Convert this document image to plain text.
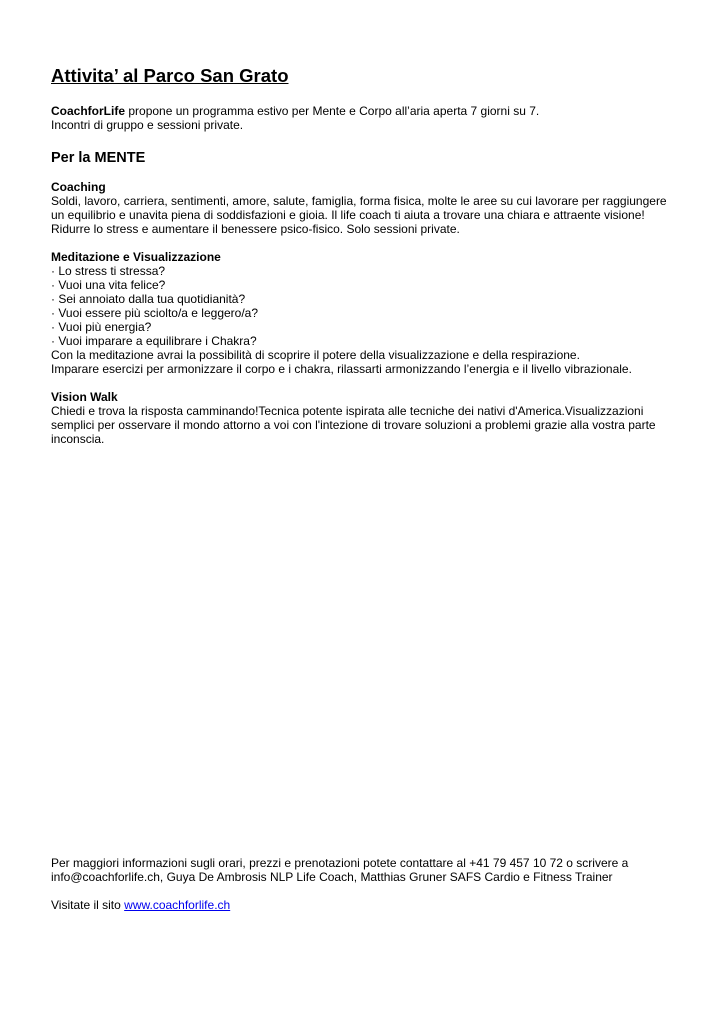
Attivita’ al Parco San Grato
CoachforLife propone un programma estivo per Mente e Corpo all’aria aperta 7 giorni su 7.
Incontri di gruppo e sessioni private.
Per la MENTE
Coaching

Soldi, lavoro, carriera, sentimenti, amore, salute, famiglia, forma fisica, molte le aree su cui lavorare per raggiungere un equilibrio e unavita piena di soddisfazioni e gioia. Il life coach ti aiuta a trovare una chiara e attraente visione! Ridurre lo stress e aumentare il benessere psico-fisico. Solo sessioni private.

Meditazione e Visualizzazione
· Lo stress ti stressa?
· Vuoi una vita felice?
· Sei annoiato dalla tua quotidianità?
· Vuoi essere più sciolto/a e leggero/a?
· Vuoi più energia?
· Vuoi imparare a equilibrare i Chakra?

Con la meditazione avrai la possibilità di scoprire il potere della visualizzazione e della respirazione.

Imparare esercizi per armonizzare il corpo e i chakra, rilassarti armonizzando l’energia e il livello vibrazionale.

Vision Walk

Chiedi e trova la risposta camminando!Tecnica potente ispirata alle tecniche dei nativi d'America.Visualizzazioni semplici per osservare il mondo attorno a voi con l'intezione di trovare soluzioni a problemi grazie alla vostra parte inconscia.

Per maggiori informazioni sugli orari, prezzi e prenotazioni potete contattare al +41 79 457 10 72 o scrivere a info@coachforlife.ch, Guya De Ambrosis NLP Life Coach, Matthias Gruner SAFS Cardio e Fitness Trainer

Visitate il sito www.coachforlife.ch
